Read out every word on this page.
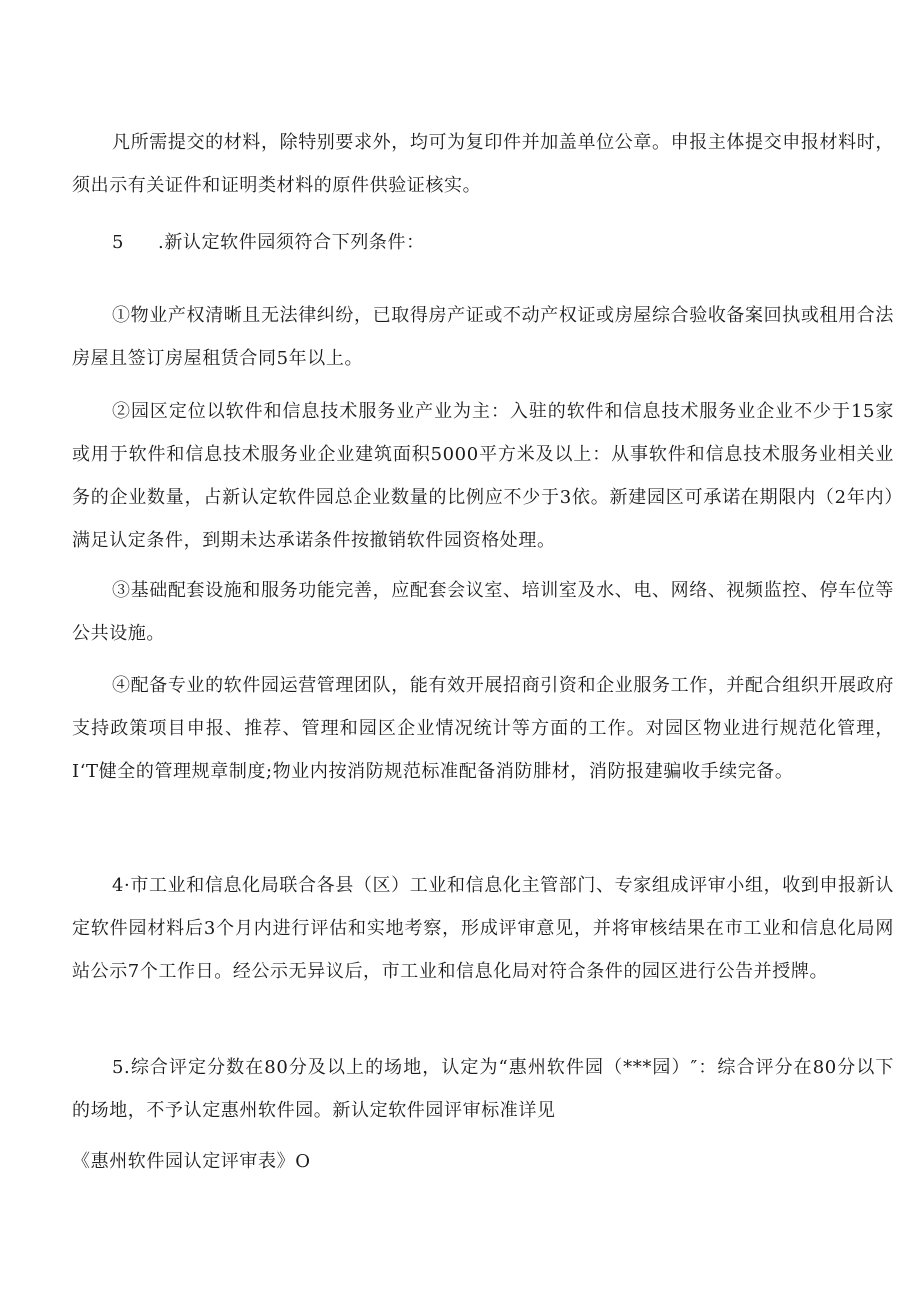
凡所需提交的材料，除特别要求外，均可为复印件并加盖单位公章。申报主体提交申报材料时，须出示有关证件和证明类材料的原件供验证核实。

5 .新认定软件园须符合下列条件：

①物业产权清晰且无法律纠纷，已取得房产证或不动产权证或房屋综合验收备案回执或租用合法房屋且签订房屋租赁合同5年以上。

②园区定位以软件和信息技术服务业产业为主：入驻的软件和信息技术服务业企业不少于15家或用于软件和信息技术服务业企业建筑面积5000平方米及以上：从事软件和信息技术服务业相关业务的企业数量，占新认定软件园总企业数量的比例应不少于3依。新建园区可承诺在期限内（2年内）满足认定条件，到期未达承诺条件按撤销软件园资格处理。

③基础配套设施和服务功能完善，应配套会议室、培训室及水、电、网络、视频监控、停车位等公共设施。

④配备专业的软件园运营管理团队，能有效开展招商引资和企业服务工作，并配合组织开展政府支持政策项目申报、推荐、管理和园区企业情况统计等方面的工作。对园区物业进行规范化管理，I‘T健全的管理规章制度;物业内按消防规范标准配备消防腓材，消防报建骗收手续完备。

4·市工业和信息化局联合各县（区）工业和信息化主管部门、专家组成评审小组，收到申报新认定软件园材料后3个月内进行评估和实地考察，形成评审意见，并将审核结果在市工业和信息化局网站公示7个工作日。经公示无异议后，市工业和信息化局对符合条件的园区进行公告并授牌。

5.综合评定分数在80分及以上的场地，认定为“惠州软件园（***园）″：综合评分在80分以下的场地，不予认定惠州软件园。新认定软件园评审标准详见

《惠州软件园认定评审表》O
